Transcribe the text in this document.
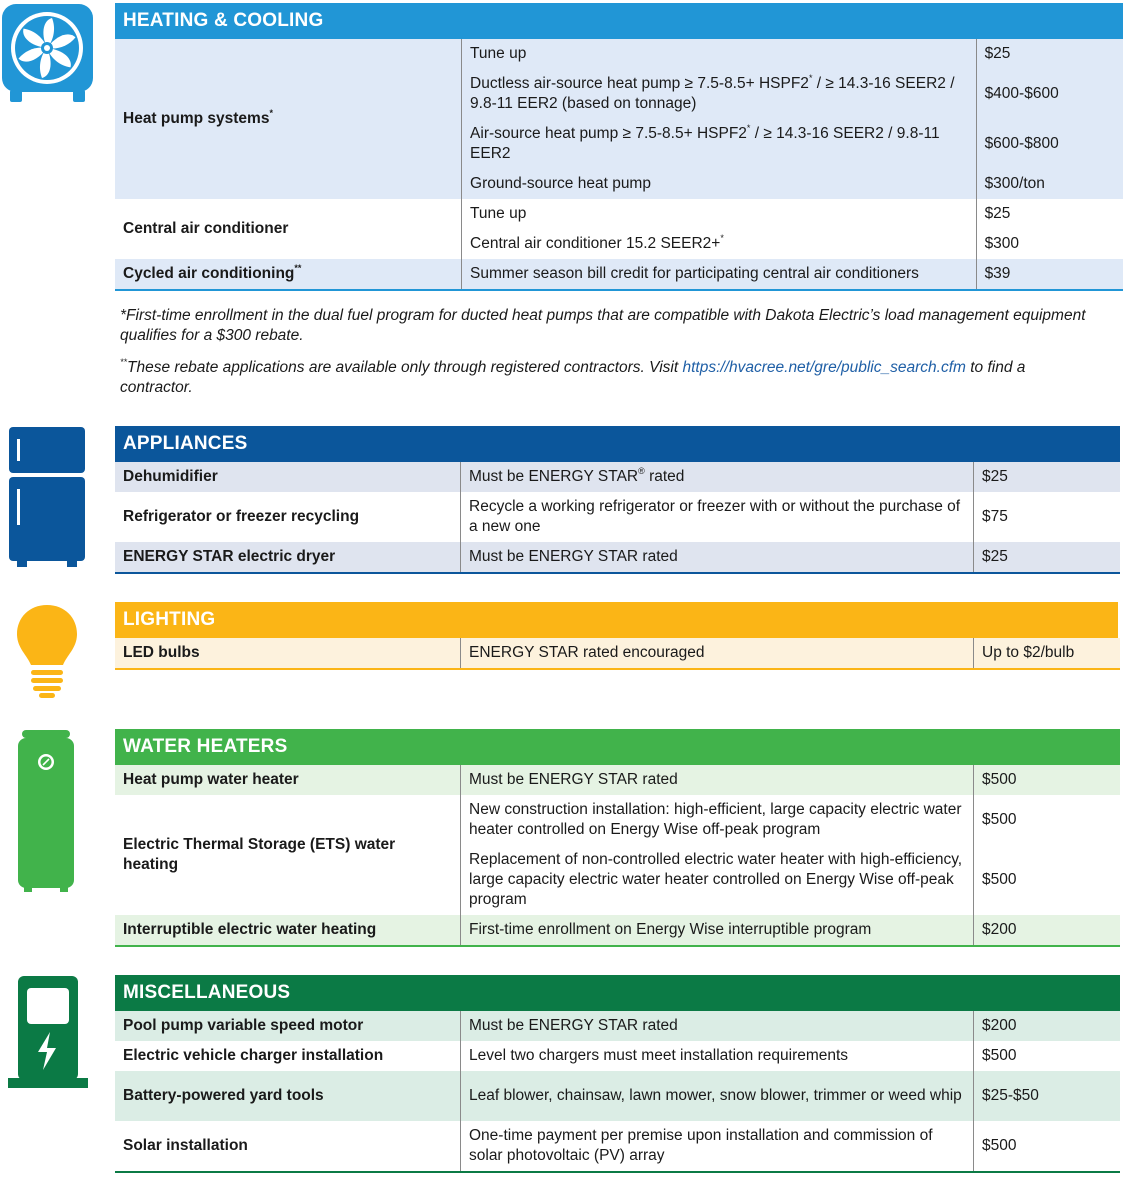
HEATING & COOLING
Heat pump systems*	Tune up	$25
	Ductless air-source heat pump ≥ 7.5-8.5+ HSPF2* / ≥ 14.3-16 SEER2 / 9.8-11 EER2 (based on tonnage)	$400-$600
	Air-source heat pump ≥ 7.5-8.5+ HSPF2* / ≥ 14.3-16 SEER2 / 9.8-11 EER2	$600-$800
	Ground-source heat pump	$300/ton
Central air conditioner	Tune up	$25
	Central air conditioner 15.2 SEER2+*	$300
Cycled air conditioning**	Summer season bill credit for participating central air conditioners	$39

*First-time enrollment in the dual fuel program for ducted heat pumps that are compatible with Dakota Electric’s load management equipment qualifies for a $300 rebate.

**These rebate applications are available only through registered contractors. Visit https://hvacree.net/gre/public_search.cfm to find a contractor.

APPLIANCES
Dehumidifier	Must be ENERGY STAR® rated	$25
Refrigerator or freezer recycling	Recycle a working refrigerator or freezer with or without the purchase of a new one	$75
ENERGY STAR electric dryer	Must be ENERGY STAR rated	$25
LIGHTING
LED bulbs	ENERGY STAR rated encouraged	Up to $2/bulb
WATER HEATERS
Heat pump water heater	Must be ENERGY STAR rated	$500
Electric Thermal Storage (ETS) water heating	New construction installation: high-efficient, large capacity electric water heater controlled on Energy Wise off-peak program	$500
	Replacement of non-controlled electric water heater with high-efficiency, large capacity electric water heater controlled on Energy Wise off-peak program	$500
Interruptible electric water heating	First-time enrollment on Energy Wise interruptible program	$200
MISCELLANEOUS
Pool pump variable speed motor	Must be ENERGY STAR rated	$200
Electric vehicle charger installation	Level two chargers must meet installation requirements	$500
Battery-powered yard tools	Leaf blower, chainsaw, lawn mower, snow blower, trimmer or weed whip	$25-$50
Solar installation	One-time payment per premise upon installation and commission of solar photovoltaic (PV) array	$500
